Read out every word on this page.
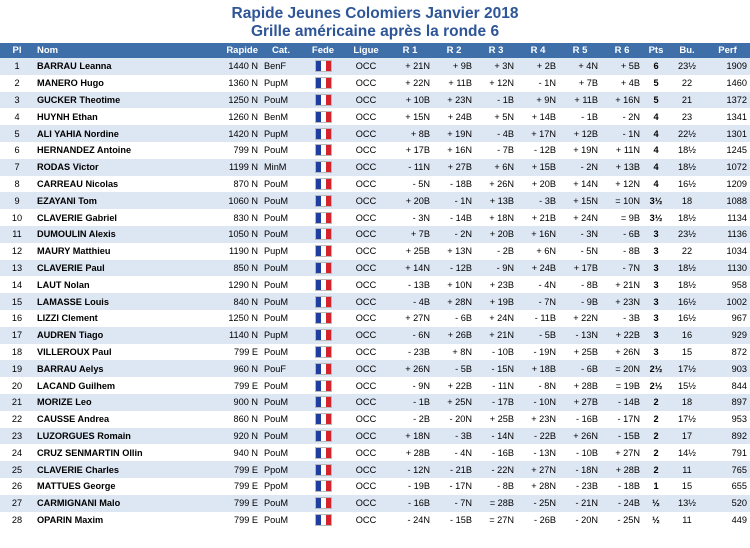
Rapide Jeunes Colomiers Janvier 2018
Grille américaine après la ronde 6
Pl	Nom	Rapide	Cat.	Fede	Ligue	R 1	R 2	R 3	R 4	R 5	R 6	Pts	Bu.	Perf
1	BARRAU Leanna	1440 N	BenF		OCC	+ 21N	+ 9B	+ 3N	+ 2B	+ 4N	+ 5B	6	23½	1909
2	MANERO Hugo	1360 N	PupM		OCC	+ 22N	+ 11B	+ 12N	- 1N	+ 7B	+ 4B	5	22	1460
3	GUCKER Theotime	1250 N	PouM		OCC	+ 10B	+ 23N	- 1B	+ 9N	+ 11B	+ 16N	5	21	1372
4	HUYNH Ethan	1260 N	BenM		OCC	+ 15N	+ 24B	+ 5N	+ 14B	- 1B	- 2N	4	23	1341
5	ALI YAHIA Nordine	1420 N	PupM		OCC	+ 8B	+ 19N	- 4B	+ 17N	+ 12B	- 1N	4	22½	1301
6	HERNANDEZ Antoine	799 N	PouM		OCC	+ 17B	+ 16N	- 7B	- 12B	+ 19N	+ 11N	4	18½	1245
7	RODAS Victor	1199 N	MinM		OCC	- 11N	+ 27B	+ 6N	+ 15B	- 2N	+ 13B	4	18½	1072
8	CARREAU Nicolas	870 N	PouM		OCC	- 5N	- 18B	+ 26N	+ 20B	+ 14N	+ 12N	4	16½	1209
9	EZAYANI Tom	1060 N	PouM		OCC	+ 20B	- 1N	+ 13B	- 3B	+ 15N	= 10N	3½	18	1088
10	CLAVERIE Gabriel	830 N	PouM		OCC	- 3N	- 14B	+ 18N	+ 21B	+ 24N	= 9B	3½	18½	1134
11	DUMOULIN Alexis	1050 N	PouM		OCC	+ 7B	- 2N	+ 20B	+ 16N	- 3N	- 6B	3	23½	1136
12	MAURY Matthieu	1190 N	PupM		OCC	+ 25B	+ 13N	- 2B	+ 6N	- 5N	- 8B	3	22	1034
13	CLAVERIE Paul	850 N	PouM		OCC	+ 14N	- 12B	- 9N	+ 24B	+ 17B	- 7N	3	18½	1130
14	LAUT Nolan	1290 N	PouM		OCC	- 13B	+ 10N	+ 23B	- 4N	- 8B	+ 21N	3	18½	958
15	LAMASSE Louis	840 N	PouM		OCC	- 4B	+ 28N	+ 19B	- 7N	- 9B	+ 23N	3	16½	1002
16	LIZZI Clement	1250 N	PouM		OCC	+ 27N	- 6B	+ 24N	- 11B	+ 22N	- 3B	3	16½	967
17	AUDREN Tiago	1140 N	PupM		OCC	- 6N	+ 26B	+ 21N	- 5B	- 13N	+ 22B	3	16	929
18	VILLEROUX Paul	799 E	PouM		OCC	- 23B	+ 8N	- 10B	- 19N	+ 25B	+ 26N	3	15	872
19	BARRAU Aelys	960 N	PouF		OCC	+ 26N	- 5B	- 15N	+ 18B	- 6B	= 20N	2½	17½	903
20	LACAND Guilhem	799 E	PouM		OCC	- 9N	+ 22B	- 11N	- 8N	+ 28B	= 19B	2½	15½	844
21	MORIZE Leo	900 N	PouM		OCC	- 1B	+ 25N	- 17B	- 10N	+ 27B	- 14B	2	18	897
22	CAUSSE Andrea	860 N	PouM		OCC	- 2B	- 20N	+ 25B	+ 23N	- 16B	- 17N	2	17½	953
23	LUZORGUES Romain	920 N	PouM		OCC	+ 18N	- 3B	- 14N	- 22B	+ 26N	- 15B	2	17	892
24	CRUZ SENMARTIN Ollin	940 N	PouM		OCC	+ 28B	- 4N	- 16B	- 13N	- 10B	+ 27N	2	14½	791
25	CLAVERIE Charles	799 E	PpoM		OCC	- 12N	- 21B	- 22N	+ 27N	- 18N	+ 28B	2	11	765
26	MATTUES George	799 E	PpoM		OCC	- 19B	- 17N	- 8B	+ 28N	- 23B	- 18B	1	15	655
27	CARMIGNANI Malo	799 E	PouM		OCC	- 16B	- 7N	= 28B	- 25N	- 21N	- 24B	½	13½	520
28	OPARIN Maxim	799 E	PouM		OCC	- 24N	- 15B	= 27N	- 26B	- 20N	- 25N	½	11	449
